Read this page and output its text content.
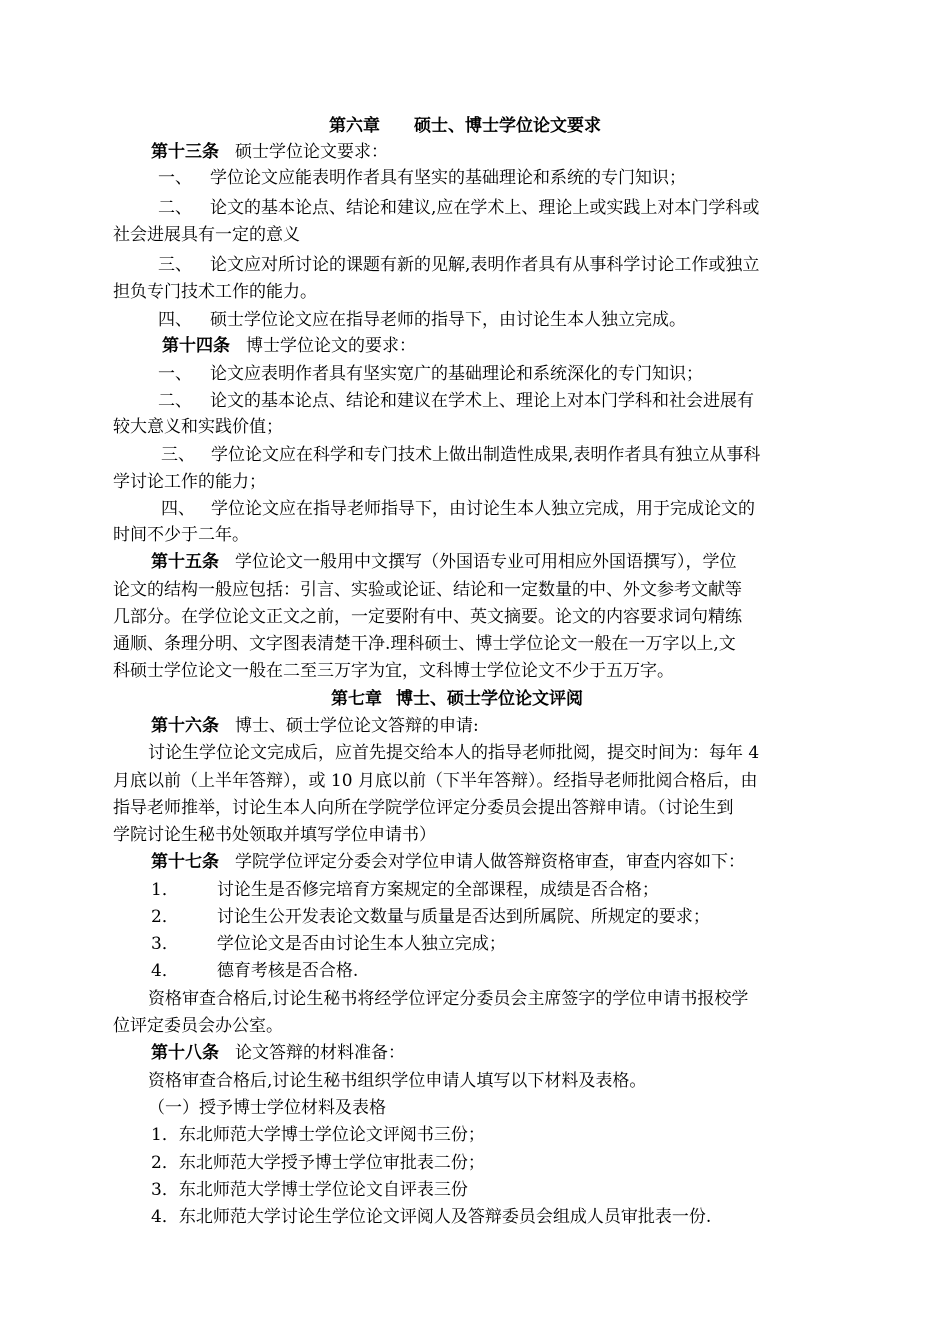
第六章 硕士、博士学位论文要求
第十三条 硕士学位论文要求：
一、 学位论文应能表明作者具有坚实的基础理论和系统的专门知识；
二、 论文的基本论点、结论和建议,应在学术上、理论上或实践上对本门学科或
社会进展具有一定的意义
三、 论文应对所讨论的课题有新的见解,表明作者具有从事科学讨论工作或独立
担负专门技术工作的能力。
四、 硕士学位论文应在指导老师的指导下，由讨论生本人独立完成。
第十四条 博士学位论文的要求：
一、 论文应表明作者具有坚实宽广的基础理论和系统深化的专门知识；
二、 论文的基本论点、结论和建议在学术上、理论上对本门学科和社会进展有
较大意义和实践价值；
三、 学位论文应在科学和专门技术上做出制造性成果,表明作者具有独立从事科
学讨论工作的能力；
四、 学位论文应在指导老师指导下，由讨论生本人独立完成，用于完成论文的
时间不少于二年。
第十五条 学位论文一般用中文撰写（外国语专业可用相应外国语撰写），学位
论文的结构一般应包括：引言、实验或论证、结论和一定数量的中、外文参考文献等
几部分。在学位论文正文之前，一定要附有中、英文摘要。论文的内容要求词句精练
通顺、条理分明、文字图表清楚干净.理科硕士、博士学位论文一般在一万字以上,文
科硕士学位论文一般在二至三万字为宜，文科博士学位论文不少于五万字。
第七章 博士、硕士学位论文评阅
第十六条 博士、硕士学位论文答辩的申请:
讨论生学位论文完成后，应首先提交给本人的指导老师批阅，提交时间为：每年 4
月底以前（上半年答辩），或 10 月底以前（下半年答辩）。经指导老师批阅合格后，由
指导老师推举，讨论生本人向所在学院学位评定分委员会提出答辩申请。（讨论生到
学院讨论生秘书处领取并填写学位申请书）
第十七条 学院学位评定分委会对学位申请人做答辩资格审查，审查内容如下：
1． 讨论生是否修完培育方案规定的全部课程，成绩是否合格；
2． 讨论生公开发表论文数量与质量是否达到所属院、所规定的要求；
3． 学位论文是否由讨论生本人独立完成；
4． 德育考核是否合格.
资格审查合格后,讨论生秘书将经学位评定分委员会主席签字的学位申请书报校学
位评定委员会办公室。
第十八条 论文答辩的材料准备：
资格审查合格后,讨论生秘书组织学位申请人填写以下材料及表格。
（一）授予博士学位材料及表格
1．东北师范大学博士学位论文评阅书三份；
2．东北师范大学授予博士学位审批表二份；
3．东北师范大学博士学位论文自评表三份
4．东北师范大学讨论生学位论文评阅人及答辩委员会组成人员审批表一份.
